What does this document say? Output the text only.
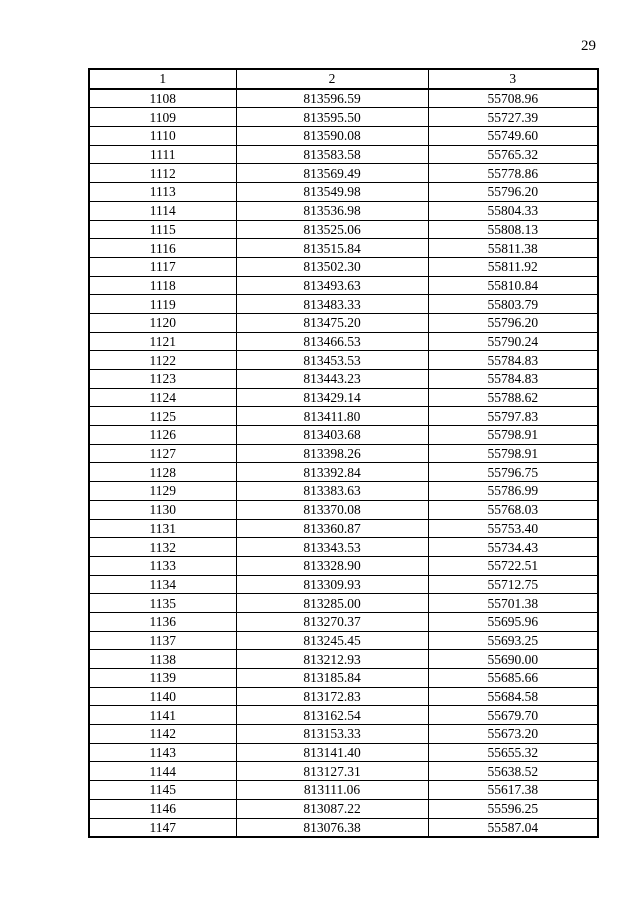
29
1	2	3
1108	813596.59	55708.96
1109	813595.50	55727.39
1110	813590.08	55749.60
1111	813583.58	55765.32
1112	813569.49	55778.86
1113	813549.98	55796.20
1114	813536.98	55804.33
1115	813525.06	55808.13
1116	813515.84	55811.38
1117	813502.30	55811.92
1118	813493.63	55810.84
1119	813483.33	55803.79
1120	813475.20	55796.20
1121	813466.53	55790.24
1122	813453.53	55784.83
1123	813443.23	55784.83
1124	813429.14	55788.62
1125	813411.80	55797.83
1126	813403.68	55798.91
1127	813398.26	55798.91
1128	813392.84	55796.75
1129	813383.63	55786.99
1130	813370.08	55768.03
1131	813360.87	55753.40
1132	813343.53	55734.43
1133	813328.90	55722.51
1134	813309.93	55712.75
1135	813285.00	55701.38
1136	813270.37	55695.96
1137	813245.45	55693.25
1138	813212.93	55690.00
1139	813185.84	55685.66
1140	813172.83	55684.58
1141	813162.54	55679.70
1142	813153.33	55673.20
1143	813141.40	55655.32
1144	813127.31	55638.52
1145	813111.06	55617.38
1146	813087.22	55596.25
1147	813076.38	55587.04
